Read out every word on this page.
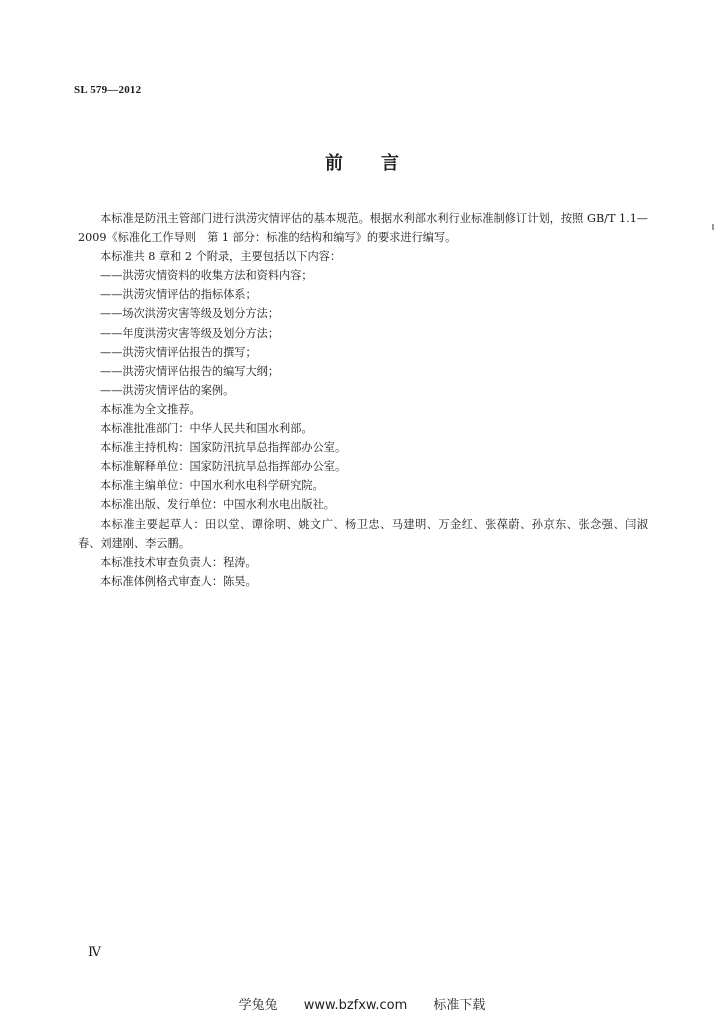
SL 579—2012
前言

本标准是防汛主管部门进行洪涝灾情评估的基本规范。根据水利部水利行业标准制修订计划，按照 GB/T 1.1—2009《标准化工作导则　第 1 部分：标准的结构和编写》的要求进行编写。

本标准共 8 章和 2 个附录，主要包括以下内容：

——洪涝灾情资料的收集方法和资料内容；

——洪涝灾情评估的指标体系；

——场次洪涝灾害等级及划分方法；

——年度洪涝灾害等级及划分方法；

——洪涝灾情评估报告的撰写；

——洪涝灾情评估报告的编写大纲；

——洪涝灾情评估的案例。

本标准为全文推荐。

本标准批准部门：中华人民共和国水利部。

本标准主持机构：国家防汛抗旱总指挥部办公室。

本标准解释单位：国家防汛抗旱总指挥部办公室。

本标准主编单位：中国水利水电科学研究院。

本标准出版、发行单位：中国水利水电出版社。

本标准主要起草人：田以堂、谭徐明、姚文广、杨卫忠、马建明、万金红、张葆蔚、孙京东、张念强、闫淑春、刘建刚、李云鹏。

本标准技术审查负责人：程涛。

本标准体例格式审查人：陈昊。

Ⅳ
学兔兔 www.bzfxw.com 标准下载
